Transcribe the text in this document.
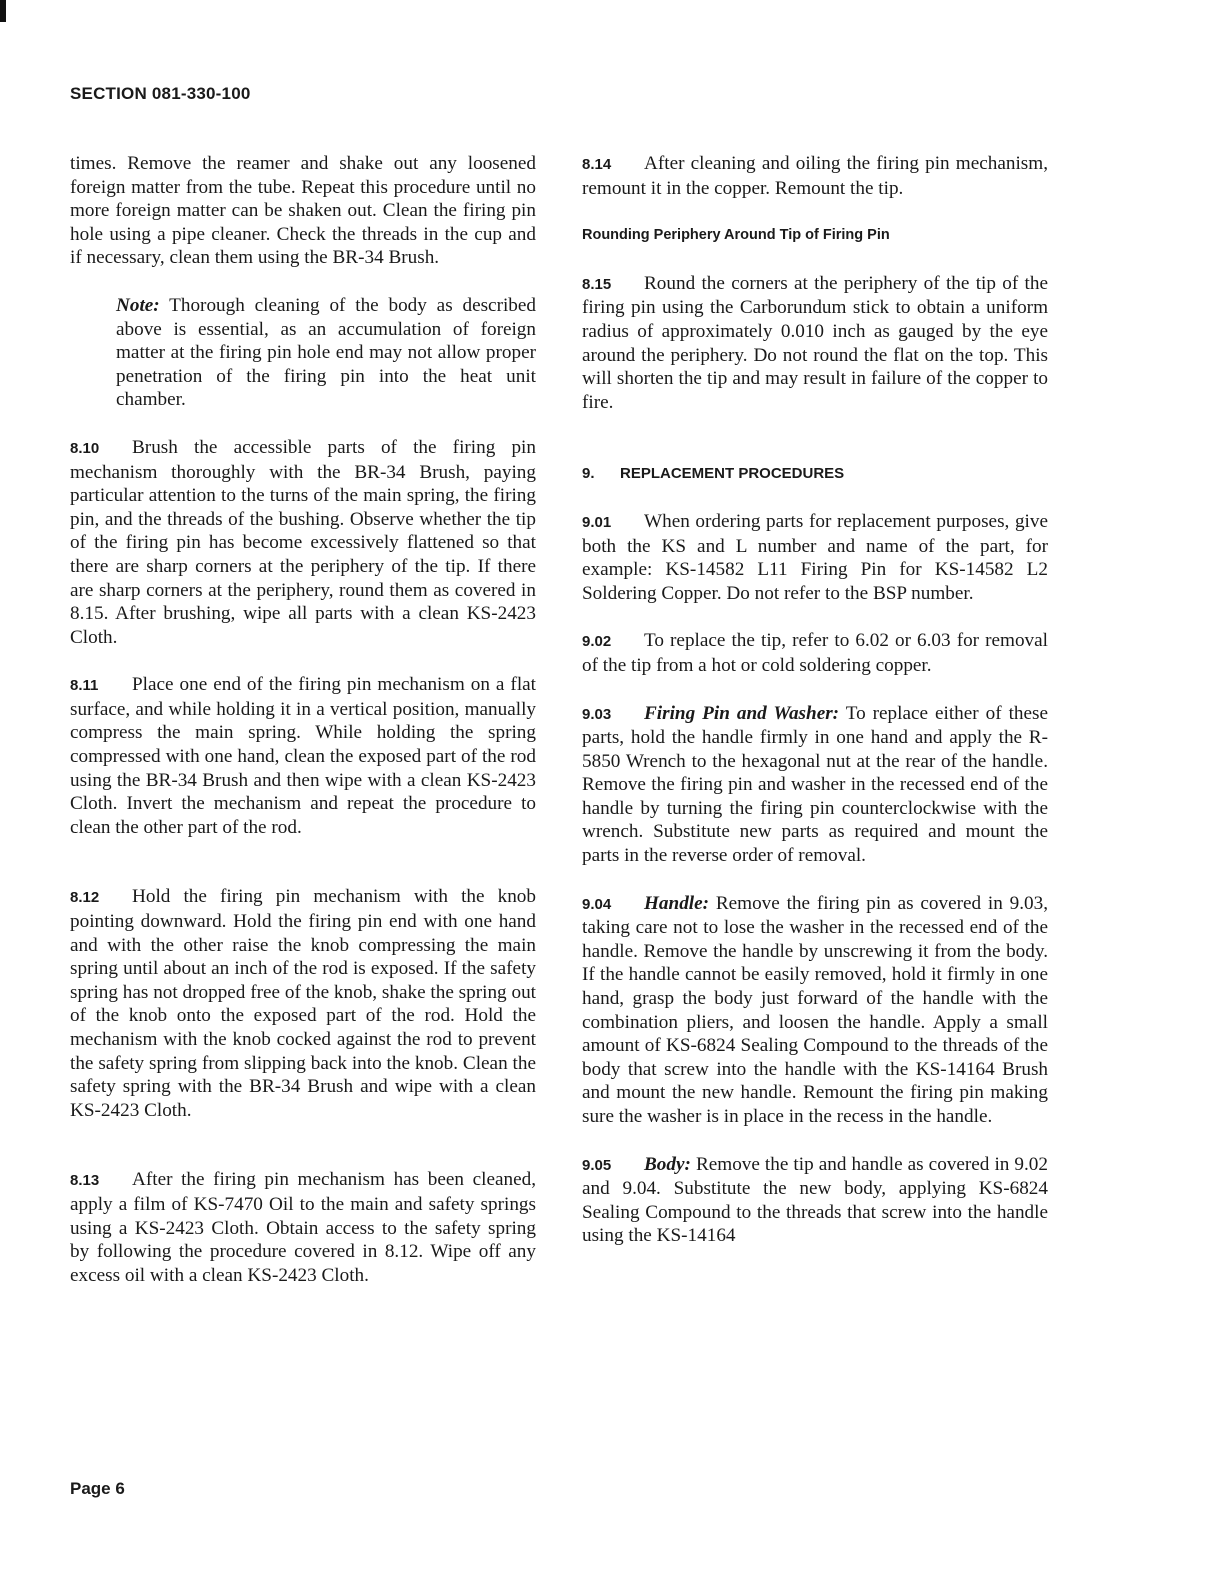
SECTION 081-330-100

times. Remove the reamer and shake out any loosened foreign matter from the tube. Repeat this procedure until no more foreign matter can be shaken out. Clean the firing pin hole using a pipe cleaner. Check the threads in the cup and if necessary, clean them using the BR-34 Brush.

Note: Thorough cleaning of the body as described above is essential, as an accumulation of foreign matter at the firing pin hole end may not allow proper penetration of the firing pin into the heat unit chamber.

8.10 Brush the accessible parts of the firing pin mechanism thoroughly with the BR-34 Brush, paying particular attention to the turns of the main spring, the firing pin, and the threads of the bushing. Observe whether the tip of the firing pin has become excessively flattened so that there are sharp corners at the periphery of the tip. If there are sharp corners at the periphery, round them as covered in 8.15. After brushing, wipe all parts with a clean KS-2423 Cloth.

8.11 Place one end of the firing pin mechanism on a flat surface, and while holding it in a vertical position, manually compress the main spring. While holding the spring compressed with one hand, clean the exposed part of the rod using the BR-34 Brush and then wipe with a clean KS-2423 Cloth. Invert the mechanism and repeat the procedure to clean the other part of the rod.

8.12 Hold the firing pin mechanism with the knob pointing downward. Hold the firing pin end with one hand and with the other raise the knob compressing the main spring until about an inch of the rod is exposed. If the safety spring has not dropped free of the knob, shake the spring out of the knob onto the exposed part of the rod. Hold the mechanism with the knob cocked against the rod to prevent the safety spring from slipping back into the knob. Clean the safety spring with the BR-34 Brush and wipe with a clean KS-2423 Cloth.

8.13 After the firing pin mechanism has been cleaned, apply a film of KS-7470 Oil to the main and safety springs using a KS-2423 Cloth. Obtain access to the safety spring by following the procedure covered in 8.12. Wipe off any excess oil with a clean KS-2423 Cloth.

8.14 After cleaning and oiling the firing pin mechanism, remount it in the copper. Remount the tip.

Rounding Periphery Around Tip of Firing Pin

8.15 Round the corners at the periphery of the tip of the firing pin using the Carborundum stick to obtain a uniform radius of approximately 0.010 inch as gauged by the eye around the periphery. Do not round the flat on the top. This will shorten the tip and may result in failure of the copper to fire.

9. REPLACEMENT PROCEDURES

9.01 When ordering parts for replacement purposes, give both the KS and L number and name of the part, for example: KS-14582 L11 Firing Pin for KS-14582 L2 Soldering Copper. Do not refer to the BSP number.

9.02 To replace the tip, refer to 6.02 or 6.03 for removal of the tip from a hot or cold soldering copper.

9.03 Firing Pin and Washer: To replace either of these parts, hold the handle firmly in one hand and apply the R-5850 Wrench to the hexagonal nut at the rear of the handle. Remove the firing pin and washer in the recessed end of the handle by turning the firing pin counterclockwise with the wrench. Substitute new parts as required and mount the parts in the reverse order of removal.

9.04 Handle: Remove the firing pin as covered in 9.03, taking care not to lose the washer in the recessed end of the handle. Remove the handle by unscrewing it from the body. If the handle cannot be easily removed, hold it firmly in one hand, grasp the body just forward of the handle with the combination pliers, and loosen the handle. Apply a small amount of KS-6824 Sealing Compound to the threads of the body that screw into the handle with the KS-14164 Brush and mount the new handle. Remount the firing pin making sure the washer is in place in the recess in the handle.

9.05 Body: Remove the tip and handle as covered in 9.02 and 9.04. Substitute the new body, applying KS-6824 Sealing Compound to the threads that screw into the handle using the KS-14164

Page 6
